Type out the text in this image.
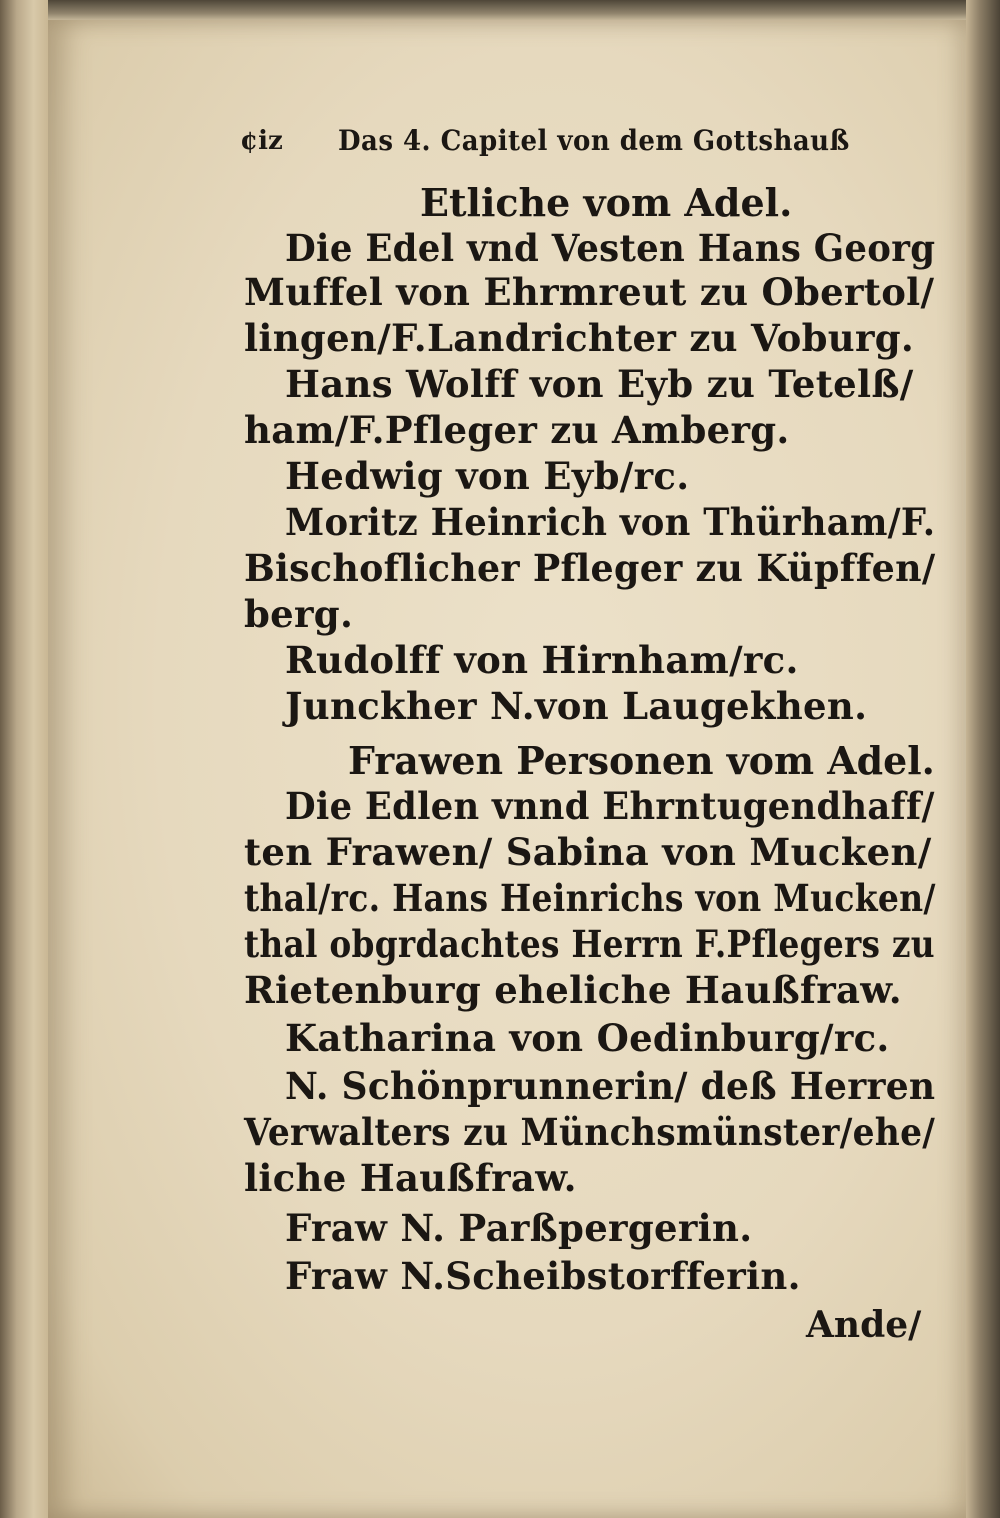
¢iz Das 4. Capitel von dem Gottshauß
Etliche vom Adel.
Die Edel vnd Vesten Hans Georg
Muffel von Ehrmreut zu Obertol/
lingen/F.Landrichter zu Voburg.
Hans Wolff von Eyb zu Tetelß/
ham/F.Pfleger zu Amberg.
Hedwig von Eyb/rc.
Moritz Heinrich von Thürham/F.
Bischoflicher Pfleger zu Küpffen/
berg.
Rudolff von Hirnham/rc.
Junckher N.von Laugekhen.
Frawen Personen vom Adel.
Die Edlen vnnd Ehrntugendhaff/
ten Frawen/ Sabina von Mucken/
thal/rc. Hans Heinrichs von Mucken/
thal obgrdachtes Herrn F.Pflegers zu
Rietenburg eheliche Haußfraw.
Katharina von Oedinburg/rc.
N. Schönprunnerin/ deß Herren
Verwalters zu Münchsmünster/ehe/
liche Haußfraw.
Fraw N. Parßpergerin.
Fraw N.Scheibstorfferin.
Ande/
